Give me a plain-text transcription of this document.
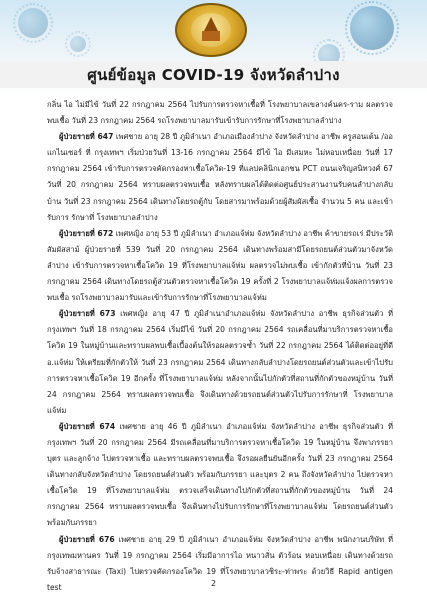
ศูนย์ข้อมูล COVID-19 จังหวัดลำปาง

กลิ่น ไอ ไม่มีไข้ วันที่ 22 กรกฎาคม 2564 ไปรับการตรวจหาเชื้อที่ โรงพยาบาลเขลางค์นคร-ราม ผลตรวจพบเชื้อ วันที่ 23 กรกฎาคม 2564 รถโรงพยาบาลมารับเข้ารับการรักษาที่โรงพยาบาลลำปาง

ผู้ป่วยรายที่ 647 เพศชาย อายุ 28 ปี ภูมิลำเนา อำเภอเมืองลำปาง จังหวัดลำปาง อาชีพ ครูสอนเต้น /ออแกไนเซอร์ ที่ กรุงเทพฯ เริ่มป่วยวันที่ 13-16 กรกฎาคม 2564 มีไข้ ไอ มีเสมหะ ไม่หอบเหนื่อย วันที่ 17 กรกฎาคม 2564 เข้ารับการตรวจคัดกรองหาเชื้อโควิด-19 ที่แลปคลินิกเอกชน PCT ถนนเจริญสนิทวงศ์ 67 วันที่ 20 กรกฎาคม 2564 ทราบผลตรวจพบเชื้อ หลังทราบผลได้ติดต่อศูนย์ประสานงานรับคนลำปางกลับบ้าน วันที่ 23 กรกฎาคม 2564 เดินทางโดยรถตู้กับ โดยสารมาพร้อมด้วยผู้สัมผัสเชื้อ จำนวน 5 คน และเข้ารับการ รักษาที่ โรงพยาบาลลำปาง

ผู้ป่วยรายที่ 672 เพศหญิง อายุ 53 ปี ภูมิลำเนา อำเภอแจ้ห่ม จังหวัดลำปาง อาชีพ ค้าขายรถเร่ มีประวัติสัมผัสสาม้ ผู้ป่วยรายที่ 539 วันที่ 20 กรกฎาคม 2564 เดินทางพร้อมสามีโดยรถยนต์ส่วนตัวมาจังหวัดลำปาง เข้ารับการตรวจหาเชื้อโควิด 19 ที่โรงพยาบาลแจ้ห่ม ผลตรวจไม่พบเชื้อ เข้ากักตัวที่บ้าน วันที่ 23 กรกฎาคม 2564 เดินทางโดยรถตู้ส่วนตัวตรวจหาเชื้อโควิด 19 ครั้งที่ 2 โรงพยาบาลแจ้ห่มแจ้งผลการตรวจพบเชื้อ รถโรงพยาบาลมารับและเข้ารับการรักษาที่โรงพยาบาลแจ้ห่ม

ผู้ป่วยรายที่ 673 เพศหญิง อายุ 47 ปี ภูมิลำเนาอำเภอแจ้ห่ม จังหวัดลำปาง อาชีพ ธุรกิจส่วนตัว ที่ กรุงเทพฯ วันที่ 18 กรกฎาคม 2564 เริ่มมีไข้ วันที่ 20 กรกฎาคม 2564 รถเคลื่อนที่มาบริการตรวจหาเชื้อโควิด 19 ในหมู่บ้านและทราบผลพบเชื้อเบื้องต้นให้รอผลตรวจซ้ำ วันที่ 22 กรกฎาคม 2564 ได้ติดต่ออยู่ที่ดี อ.แจ้ห่ม ให้เตรียมที่กักตัวให้ วันที่ 23 กรกฎาคม 2564 เดินทางกลับลำปางโดยรถยนต์ส่วนตัวและเข้าไปรับการตรวจหาเชื้อโควิด 19 อีกครั้ง ที่โรงพยาบาลแจ้ห่ม หลังจากนั้นไปกักตัวที่สถานที่กักตัวของหมู่บ้าน วันที่ 24 กรกฎาคม 2564 ทราบผลตรวจพบเชื้อ จึงเดินทางด้วยรถยนต์ส่วนตัวไปรับการรักษาที่ โรงพยาบาลแจ้ห่ม

ผู้ป่วยรายที่ 674 เพศชาย อายุ 46 ปี ภูมิลำเนา อำเภอแจ้ห่ม จังหวัดลำปาง อาชีพ ธุรกิจส่วนตัว ที่ กรุงเทพฯ วันที่ 20 กรกฎาคม 2564 มีรถเคลื่อนที่มาบริการตรวจหาเชื้อโควิด 19 ในหมู่บ้าน จึงพาภรรยา บุตร และลูกจ้าง ไปตรวจหาเชื้อ และทราบผลตรวจพบเชื้อ จึงรอผลยืนยันอีกครั้ง วันที่ 23 กรกฎาคม 2564 เดินทางกลับจังหวัดลำปาง โดยรถยนต์ส่วนตัว พร้อมกับภรรยา และบุตร 2 คน ถึงจังหวัดลำปาง ไปตรวจหาเชื้อโควิด 19 ที่โรงพยาบาลแจ้ห่ม ตรวจเสร็จเดินทางไปกักตัวที่สถานที่กักตัวของหมู่บ้าน วันที่ 24 กรกฎาคม 2564 ทราบผลตรวจพบเชื้อ จึงเดินทางไปรับการรักษาที่โรงพยาบาลแจ้ห่ม โดยรถยนต์ส่วนตัว พร้อมกับภรรยา

ผู้ป่วยรายที่ 676 เพศชาย อายุ 29 ปี ภูมิลำเนา อำเภอแจ้ห่ม จังหวัดลำปาง อาชีพ พนักงานบริษัท ที่ กรุงเทพมหานคร วันที่ 19 กรกฎาคม 2564 เริ่มมีอาการไอ หนาวสั่น ตัวร้อน หอบเหนื่อย เดินทางด้วยรถรับจ้างสาธารณะ (Taxi) ไปตรวจคัดกรองโควิด 19 ที่โรงพยาบาลวชิระ-ท่าพระ ด้วยวิธี Rapid antigen test	2
